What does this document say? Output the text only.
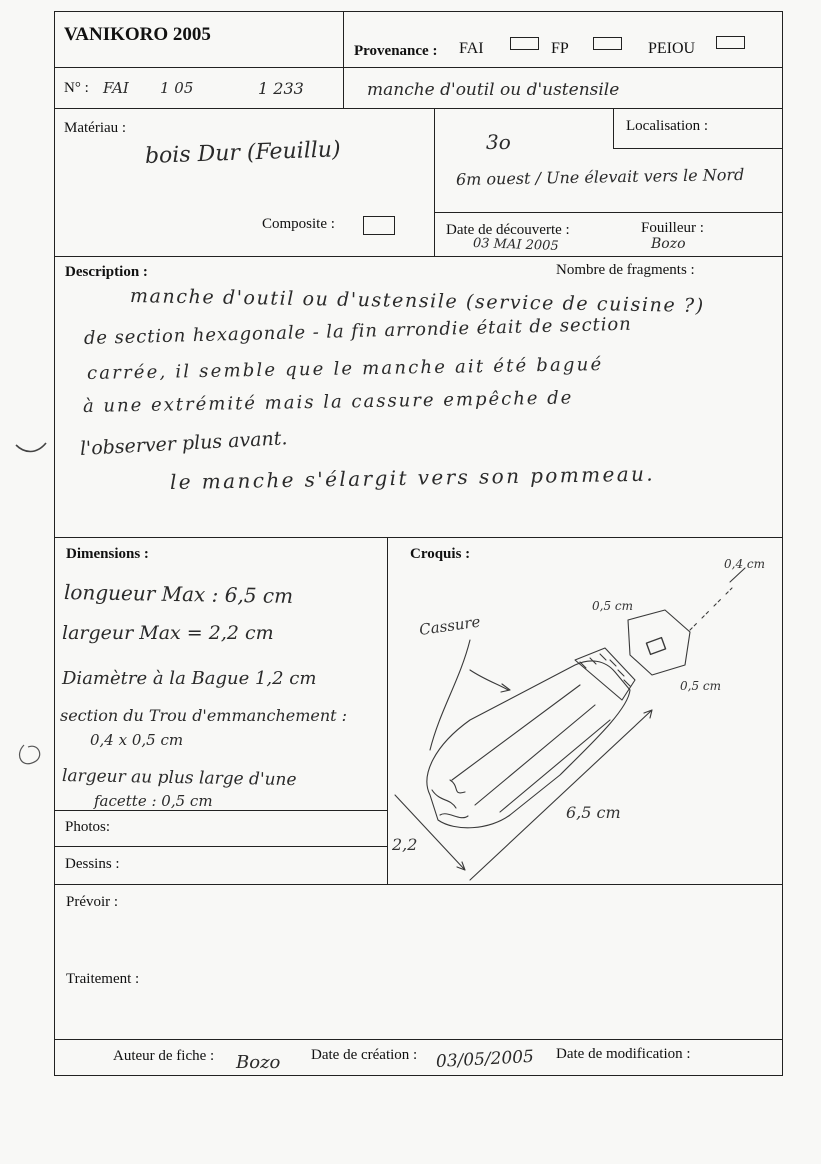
VANIKORO 2005
Provenance : FAI	FP	PEIOU
N° : FAI 1 05	1 233	manche d'outil ou d'ustensile
Matériau :
bois Dur (Feuillu)
Composite :
Localisation :
3o
6m ouest / Une élevait vers le Nord
Date de découverte :
03 MAI 2005
Fouilleur :
Bozo
Description :	Nombre de fragments :
manche d'outil ou d'ustensile (service de cuisine ?)
de section hexagonale - la fin arrondie était de section
carrée, il semble que le manche ait été bagué
à une extrémité mais la cassure empêche de
l'observer plus avant.
le manche s'élargit vers son pommeau.
Dimensions :
longueur Max : 6,5 cm
largeur Max = 2,2 cm
Diamètre à la Bague 1,2 cm
section du Trou d'emmanchement :
0,4 x 0,5 cm
largeur au plus large d'une
facette : 0,5 cm
Photos:
Dessins :
Croquis :
Cassure
0,4 cm
0,5 cm
0,5 cm
6,5 cm
2,2
Prévoir :
Traitement :
Auteur de fiche : Bozo Date de création : 03/05/2005 Date de modification :
